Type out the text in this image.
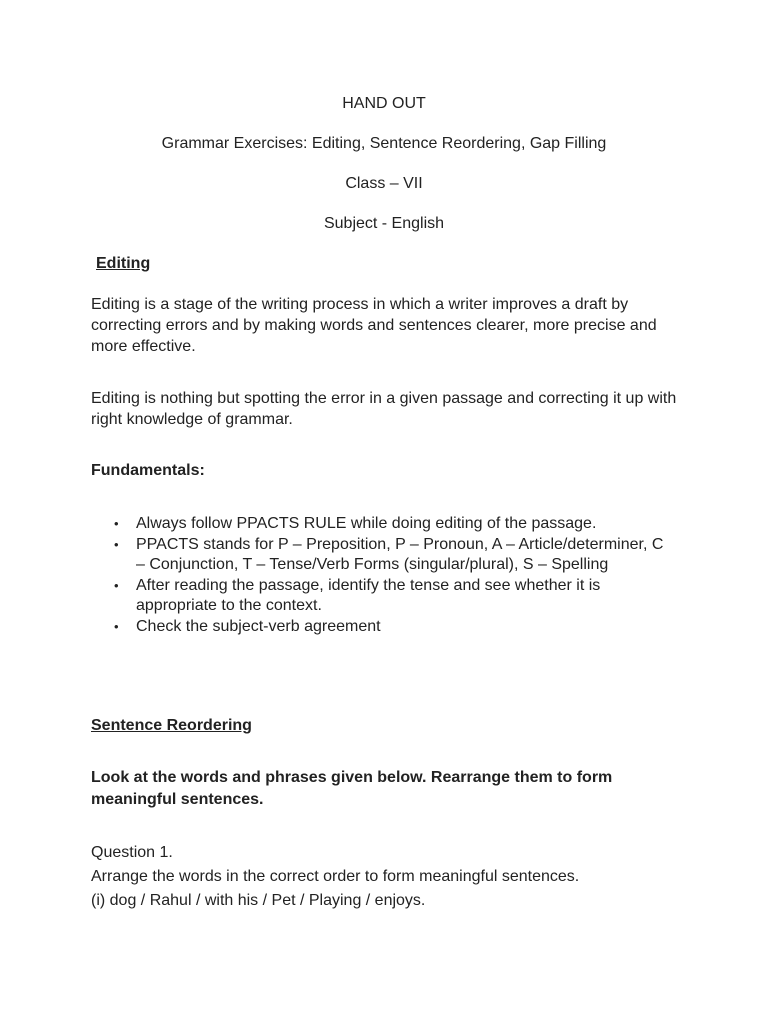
HAND OUT

Grammar Exercises: Editing, Sentence Reordering, Gap Filling

Class – VII

Subject - English

Editing

Editing is a stage of the writing process in which a writer improves a draft by correcting errors and by making words and sentences clearer, more precise and more effective.

Editing is nothing but spotting the error in a given passage and correcting it up with right knowledge of grammar.

Fundamentals:

• Always follow PPACTS RULE while doing editing of the passage.
• PPACTS stands for P – Preposition, P – Pronoun, A – Article/determiner, C – Conjunction, T – Tense/Verb Forms (singular/plural), S – Spelling
• After reading the passage, identify the tense and see whether it is appropriate to the context.
• Check the subject-verb agreement

Sentence Reordering

Look at the words and phrases given below. Rearrange them to form meaningful sentences.

Question 1.
Arrange the words in the correct order to form meaningful sentences.
(i) dog / Rahul / with his / Pet / Playing / enjoys.
